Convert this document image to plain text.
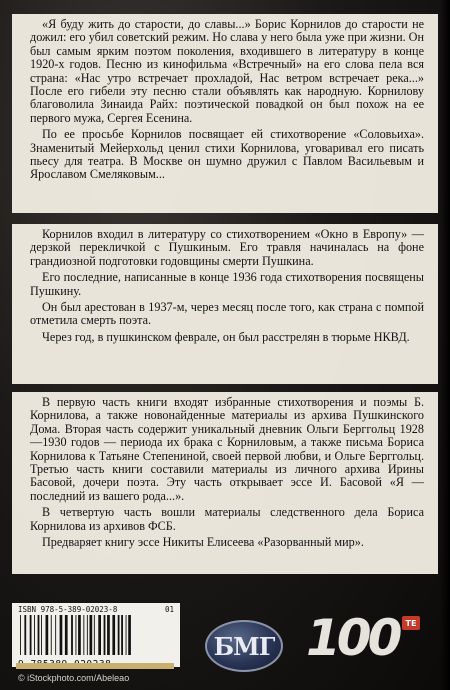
«Я буду жить до старости, до славы...» Борис Корнилов до старости не дожил: его убил советский режим. Но слава у него была уже при жизни. Он был самым ярким поэтом поколения, входившего в литературу в конце 1920-х годов. Песню из кинофильма «Встречный» на его слова пела вся страна: «Нас утро встречает прохладой, Нас ветром встречает река...» После его гибели эту песню стали объявлять как народную. Корнилову благоволила Зинаида Райх: поэтической повадкой он был похож на ее первого мужа, Сергея Есенина.

По ее просьбе Корнилов посвящает ей стихотворение «Соловьиха». Знаменитый Мейерхольд ценил стихи Корнилова, уговаривал его писать пьесу для театра. В Москве он шумно дружил с Павлом Васильевым и Ярославом Смеляковым...

Корнилов входил в литературу со стихотворением «Окно в Европу» — дерзкой перекличкой с Пушкиным. Его травля начиналась на фоне грандиозной подготовки годовщины смерти Пушкина.

Его последние, написанные в конце 1936 года стихотворения посвящены Пушкину.

Он был арестован в 1937-м, через месяц после того, как страна с помпой отметила смерть поэта.

Через год, в пушкинском феврале, он был расстрелян в тюрьме НКВД.

В первую часть книги входят избранные стихотворения и поэмы Б. Корнилова, а также новонайденные материалы из архива Пушкинского Дома. Вторая часть содержит уникальный дневник Ольги Берггольц 1928—1930 годов — периода их брака с Корниловым, а также письма Бориса Корнилова к Татьяне Степениной, своей первой любви, и Ольге Берггольц. Третью часть книги составили материалы из личного архива Ирины Басовой, дочери поэта. Эту часть открывает эссе И. Басовой «Я — последний из вашего рода...».

В четвертую часть вошли материалы следственного дела Бориса Корнилова из архивов ФСБ.

Предваряет книгу эссе Никиты Елисеева «Разорванный мир».

ISBN 978-5-389-02023-8	01
© iStockphoto.com/Abeleao
БМГ 100 ТЕ
